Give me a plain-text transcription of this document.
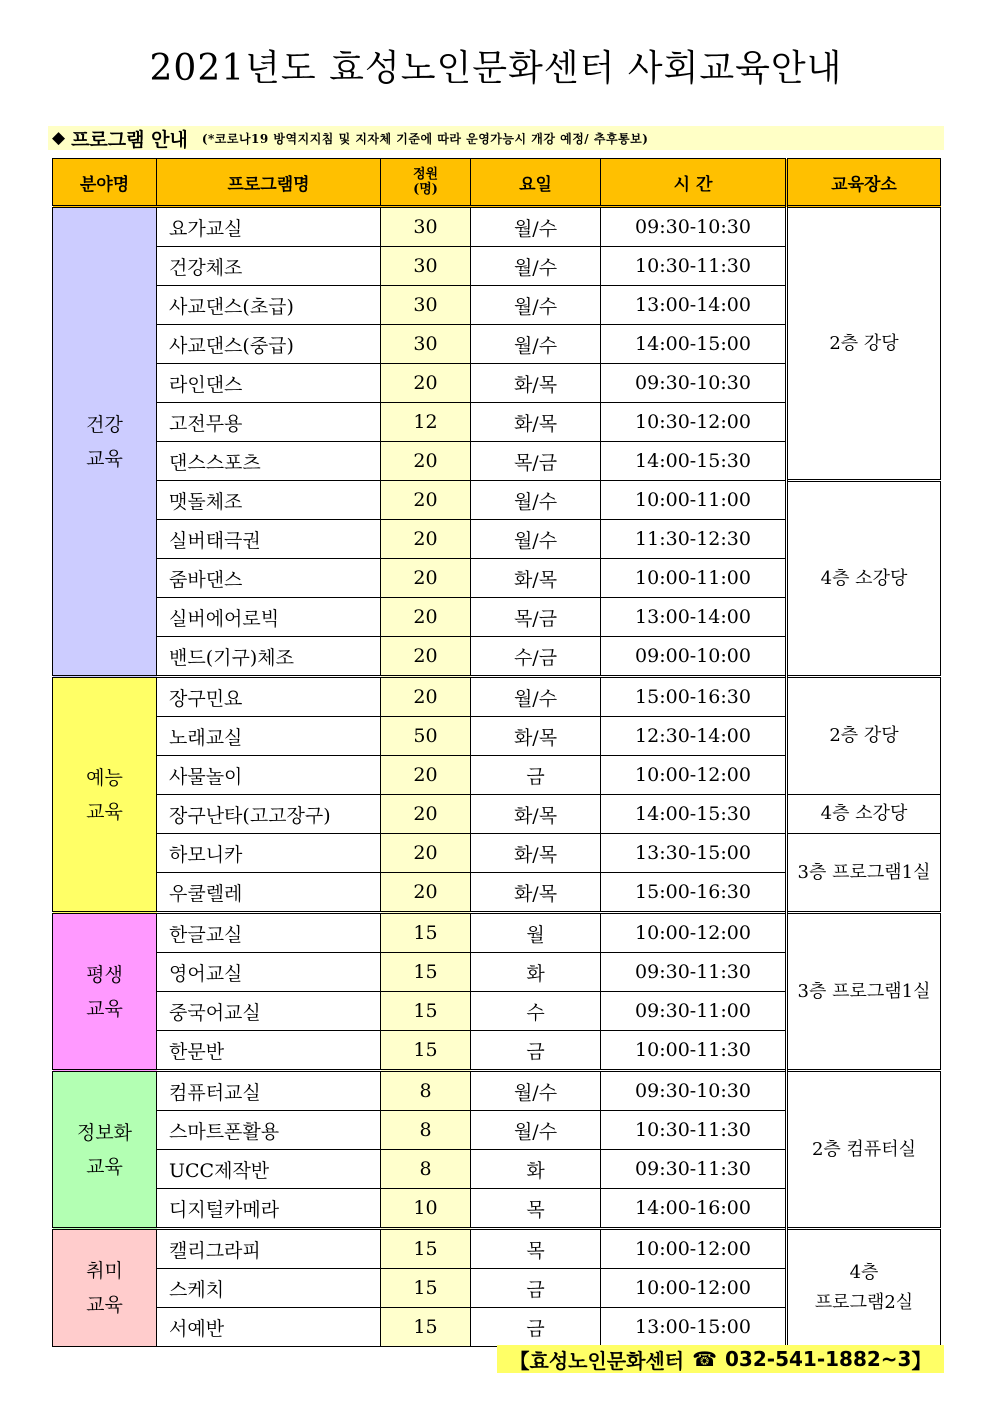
2021년도 효성노인문화센터 사회교육안내
◆ 프로그램 안내 (*코로나19 방역지지침 및 지자체 기준에 따라 운영가능시 개강 예정/ 추후통보)
분야명	프로그램명	정원
(명)	요일	시 간	교육장소
건강
교육	요가교실	30	월/수	09:30-10:30	2층 강당
	건강체조	30	월/수	10:30-11:30	
	사교댄스(초급)	30	월/수	13:00-14:00	
	사교댄스(중급)	30	월/수	14:00-15:00	
	라인댄스	20	화/목	09:30-10:30	
	고전무용	12	화/목	10:30-12:00	
	댄스스포츠	20	목/금	14:00-15:30	
	맷돌체조	20	월/수	10:00-11:00	4층 소강당
	실버태극권	20	월/수	11:30-12:30	
	줌바댄스	20	화/목	10:00-11:00	
	실버에어로빅	20	목/금	13:00-14:00	
	밴드(기구)체조	20	수/금	09:00-10:00	
예능
교육	장구민요	20	월/수	15:00-16:30	2층 강당
	노래교실	50	화/목	12:30-14:00	
	사물놀이	20	금	10:00-12:00	
	장구난타(고고장구)	20	화/목	14:00-15:30	4층 소강당
	하모니카	20	화/목	13:30-15:00	3층 프로그램1실
	우쿨렐레	20	화/목	15:00-16:30	
평생
교육	한글교실	15	월	10:00-12:00	3층 프로그램1실
	영어교실	15	화	09:30-11:30	
	중국어교실	15	수	09:30-11:00	
	한문반	15	금	10:00-11:30	
정보화
교육	컴퓨터교실	8	월/수	09:30-10:30	2층 컴퓨터실
	스마트폰활용	8	월/수	10:30-11:30	
	UCC제작반	8	화	09:30-11:30	
	디지털카메라	10	목	14:00-16:00	
취미
교육	캘리그라피	15	목	10:00-12:00	4층
프로그램2실
	스케치	15	금	10:00-12:00	
	서예반	15	금	13:00-15:00	
【 효성노인문화센터 ☎ 032-541-1882~3 】
